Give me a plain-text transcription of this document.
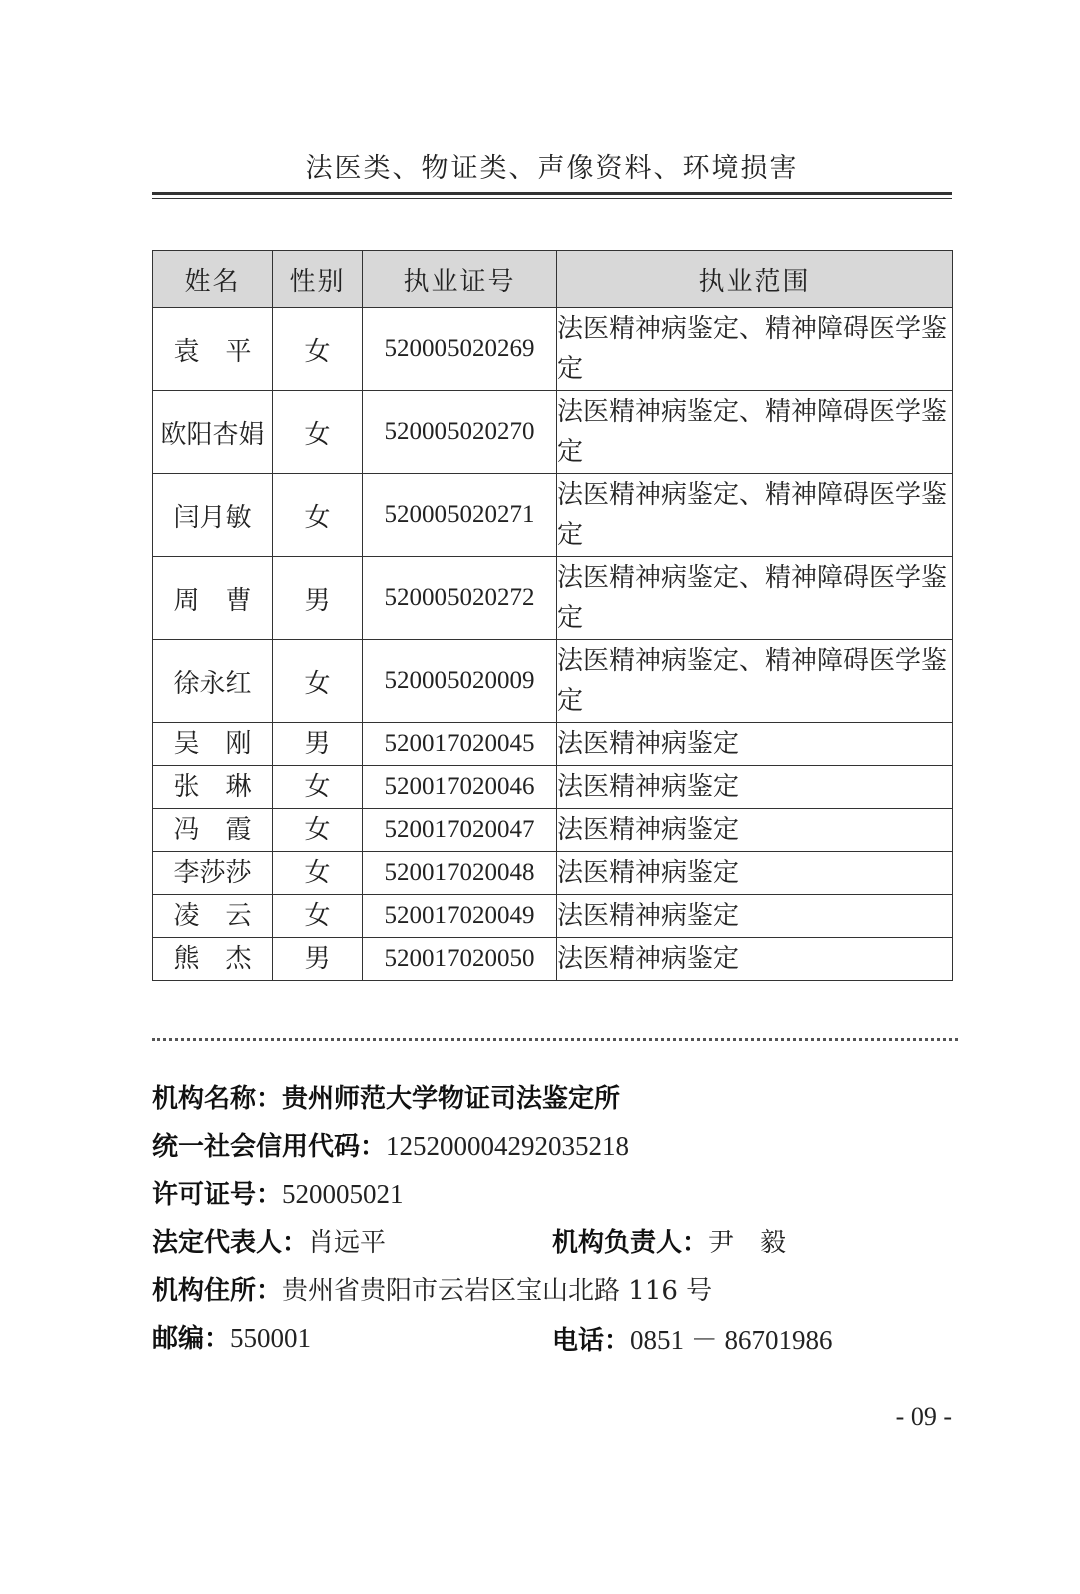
法医类、物证类、声像资料、环境损害
姓名	性别	执业证号	执业范围
袁　平	女	520005020269	法医精神病鉴定、精神障碍医学鉴定
欧阳杏娟	女	520005020270	法医精神病鉴定、精神障碍医学鉴定
闫月敏	女	520005020271	法医精神病鉴定、精神障碍医学鉴定
周　曹	男	520005020272	法医精神病鉴定、精神障碍医学鉴定
徐永红	女	520005020009	法医精神病鉴定、精神障碍医学鉴定
吴　刚	男	520017020045	法医精神病鉴定
张　琳	女	520017020046	法医精神病鉴定
冯　霞	女	520017020047	法医精神病鉴定
李莎莎	女	520017020048	法医精神病鉴定
凌　云	女	520017020049	法医精神病鉴定
熊　杰	男	520017020050	法医精神病鉴定
机构名称：贵州师范大学物证司法鉴定所
统一社会信用代码：125200004292035218
许可证号：520005021
法定代表人：肖远平	机构负责人：尹　毅
机构住所：贵州省贵阳市云岩区宝山北路 116 号
邮编：550001	电话：0851 － 86701986
- 09 -
